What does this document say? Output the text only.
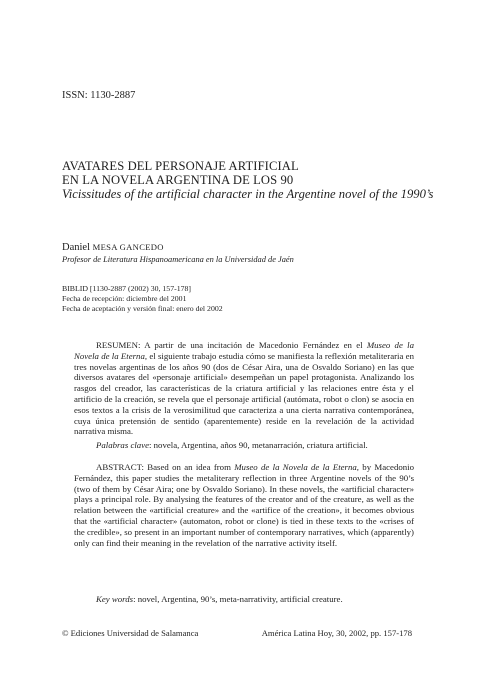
ISSN: 1130-2887
AVATARES DEL PERSONAJE ARTIFICIAL
EN LA NOVELA ARGENTINA DE LOS 90
Vicissitudes of the artificial character in the Argentine novel of the 1990’s
Daniel MESA GANCEDO
Profesor de Literatura Hispanoamericana en la Universidad de Jaén
BIBLID [1130-2887 (2002) 30, 157-178]
Fecha de recepción: diciembre del 2001
Fecha de aceptación y versión final: enero del 2002
RESUMEN: A partir de una incitación de Macedonio Fernández en el Museo de la Novela de la Eterna, el siguiente trabajo estudia cómo se manifiesta la reflexión metaliteraria en tres novelas argentinas de los años 90 (dos de César Aira, una de Osvaldo Soriano) en las que diversos avatares del «personaje artificial» desempeñan un papel protagonista. Analizando los rasgos del creador, las características de la criatura artificial y las relaciones entre ésta y el artificio de la creación, se revela que el personaje artificial (autómata, robot o clon) se asocia en esos textos a la crisis de la verosimilitud que caracteriza a una cierta narrativa contemporánea, cuya única pretensión de sentido (aparentemente) reside en la revelación de la actividad narrativa misma.
Palabras clave: novela, Argentina, años 90, metanarración, criatura artificial.
ABSTRACT: Based on an idea from Museo de la Novela de la Eterna, by Macedonio Fernández, this paper studies the metaliterary reflection in three Argentine novels of the 90’s (two of them by César Aira; one by Osvaldo Soriano). In these novels, the «artificial character» plays a principal role. By analysing the features of the creator and of the creature, as well as the relation between the «artificial creature» and the «artifice of the creation», it becomes obvious that the «artificial character» (automaton, robot or clone) is tied in these texts to the «crises of the credible», so present in an important number of contemporary narratives, which (apparently) only can find their meaning in the revelation of the narrative activity itself.
Key words: novel, Argentina, 90’s, meta-narrativity, artificial creature.
© Ediciones Universidad de Salamanca	América Latina Hoy, 30, 2002, pp. 157-178
